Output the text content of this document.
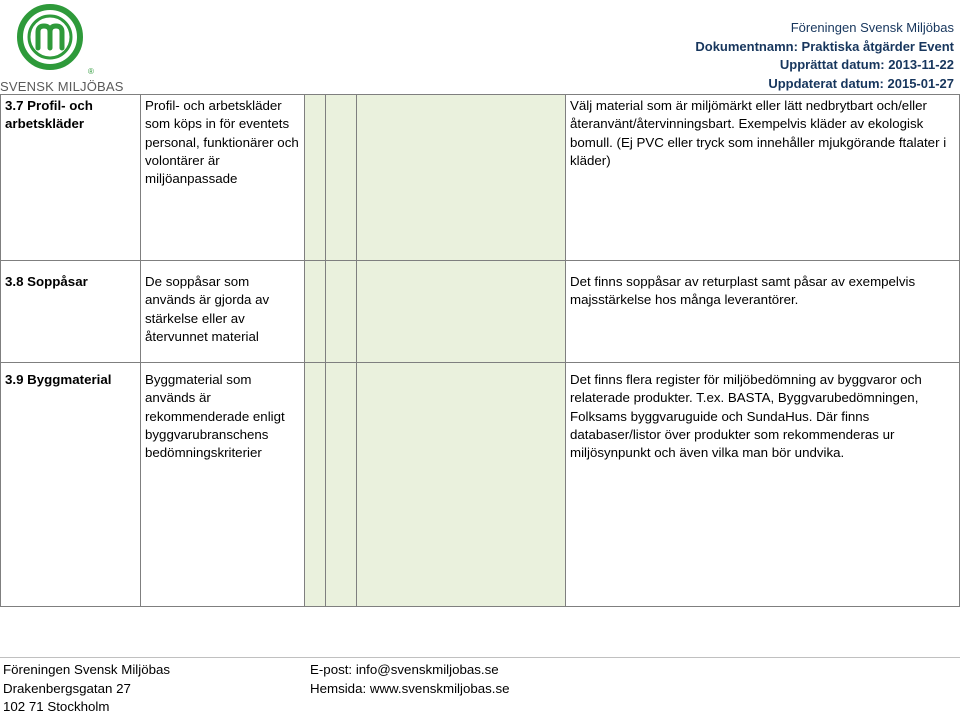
®
SVENSK MILJÖBAS
Föreningen Svensk Miljöbas
Dokumentnamn: Praktiska åtgärder Event
Upprättat datum: 2013-11-22
Uppdaterat datum: 2015-01-27
3.7 Profil- och arbetskläder	Profil- och arbetskläder som köps in för eventets personal, funktionärer och volontärer är miljöanpassade				Välj material som är miljömärkt eller lätt nedbrytbart och/eller återanvänt/återvinningsbart. Exempelvis kläder av ekologisk bomull. (Ej PVC eller tryck som innehåller mjukgörande ftalater i kläder)
3.8 Soppåsar	De soppåsar som används är gjorda av stärkelse eller av återvunnet material				Det finns soppåsar av returplast samt påsar av exempelvis majsstärkelse hos många leverantörer.
3.9 Byggmaterial	Byggmaterial som används är rekommenderade enligt byggvarubranschens bedömningskriterier				Det finns flera register för miljöbedömning av byggvaror och relaterade produkter. T.ex. BASTA, Byggvarubedömningen, Folksams byggvaruguide och SundaHus. Där finns databaser/listor över produkter som rekommenderas ur miljösynpunkt och även vilka man bör undvika.
Föreningen Svensk Miljöbas
Drakenbergsgatan 27
102 71 Stockholm
E-post: info@svenskmiljobas.se
Hemsida: www.svenskmiljobas.se
